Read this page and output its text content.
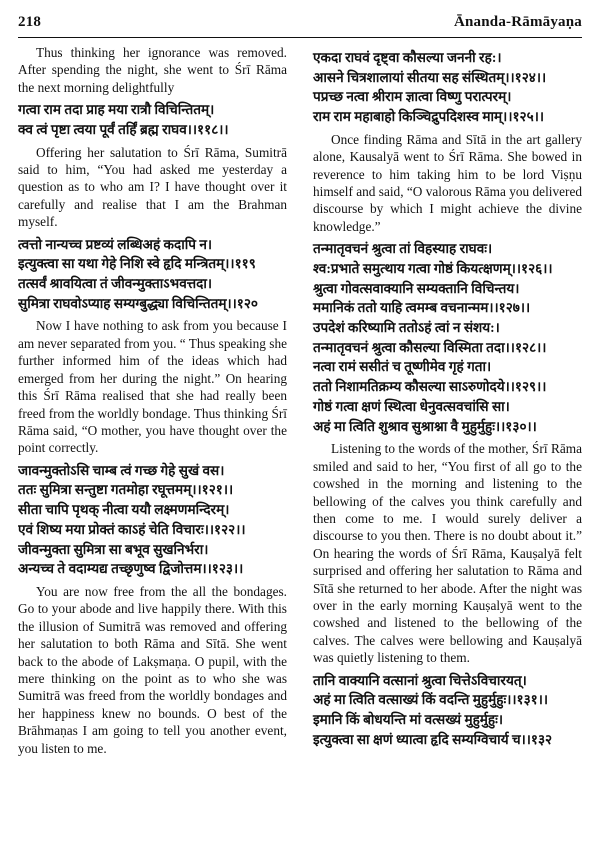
218	Ānanda-Rāmāyaṇa

Thus thinking her ignorance was removed. After spending the night, she went to Śrī Rāma the next morning delightfully

गत्वा राम तदा प्राह मया रात्रौ विचिन्तितम्।
क्व त्वं पृष्टा त्वया पूर्वं तर्हिं ब्रह्म राघव।।११८।।

Offering her salutation to Śrī Rāma, Sumitrā said to him, “You had asked me yesterday a question as to who am I? I have thought over it carefully and realise that I am the Brahman myself.

त्वत्तो नान्यच्च प्रष्टव्यं लब्धिअहं कदापि न।
इत्युक्त्वा सा यथा गेहे निशि स्वे हृदि मन्त्रितम्।।११९
तत्सर्वं श्रावयित्वा तं जीवन्मुक्ताऽभवत्तदा।
सुमित्रा राघवोऽप्याह सम्यग्बुद्ध्या विचिन्तितम्।।१२०

Now I have nothing to ask from you because I am never separated from you. “ Thus speaking she further informed him of the ideas which had emerged from her during the night.” On hearing this Śrī Rāma realised that she had really been freed from the worldly bondage. Thus thinking Śrī Rāma said, “O mother, you have thought over the point correctly.

जावन्मुक्तोऽसि चाम्ब त्वं गच्छ गेहे सुखं वस।
ततः सुमित्रा सन्तुष्टा गतमोहा रघूत्तमम्।।१२१।।
सीता चापि पृथक् नीत्वा ययौ लक्ष्मणमन्दिरम्।
एवं शिष्य मया प्रोक्तं काऽहं चेति विचारः।।१२२।।
जीवन्मुक्ता सुमित्रा सा बभूव सुखनिर्भरा।
अन्यच्च ते वदाम्यद्य तच्छृणुष्व द्विजोत्तम।।१२३।।

You are now free from the all the bondages. Go to your abode and live happily there. With this the illusion of Sumitrā was removed and offering her salutation to both Rāma and Sītā. She went back to the abode of Lakṣmaṇa. O pupil, with the mere thinking on the point as to who she was Sumitrā was freed from the worldly bondages and her happiness knew no bounds. O best of the Brāhmaṇas I am going to tell you another event, you listen to me.

एकदा राघवं दृष्ट्वा कौसल्या जननी रह:।
आसने चित्रशालायां सीतया सह संस्थितम्।।१२४।।
पप्रच्छ नत्वा श्रीराम ज्ञात्वा विष्णु परात्परम्।
राम राम महाबाहो किञ्चिद्रुपदिशस्व माम्।।१२५।।

Once finding Rāma and Sītā in the art gallery alone, Kausalyā went to Śrī Rāma. She bowed in reverence to him taking him to be lord Viṣṇu himself and said, “O valorous Rāma you delivered discourse by which I might achieve the divine knowledge.”

तन्मातृवचनं श्रुत्वा तां विहस्याह राघवः।
श्व:प्रभाते समुत्थाय गत्वा गोष्ठं कियत्क्षणम्।।१२६।।
श्रुत्वा गोवत्सवाक्यानि सम्यक्तानि विचिन्तय।
ममानिकं ततो याहि त्वमम्ब वचनान्मम।।१२७।।
उपदेशं करिष्यामि ततोऽहं त्वां न संशय:।
तन्मातृवचनं श्रुत्वा कौसल्या विस्मिता तदा।।१२८।।
नत्वा रामं ससीतं च तूष्णीमेव गृहं गता।
ततो निशामतिक्रम्य कौसल्या साऽरुणोदये।।१२९।।
गोष्ठं गत्वा क्षणं स्थित्वा धेनुवत्सवचांसि सा।
अहं मा त्विति शुश्राव सुश्राश्ना वै मुहुर्मुहुः।।१३०।।

Listening to the words of the mother, Śrī Rāma smiled and said to her, “You first of all go to the cowshed in the morning and listening to the bellowing of the calves you think carefully and then come to me. I would surely deliver a discourse to you then. There is no doubt about it.” On hearing the words of Śrī Rāma, Kauṣalyā felt surprised and offering her salutation to Rāma and Sītā she returned to her abode. After the night was over in the early morning Kauṣalyā went to the cowshed and listened to the bellowing of the calves. The calves were bellowing and Kauṣalyā was quietly listening to them.

तानि वाक्यानि वत्सानां श्रुत्वा चित्तेऽविचारयत्।
अहं मा त्विति वत्साख्यं किं वदन्ति मुहुर्मुहुः।।१३१।।
इमानि किं बोधयन्ति मां वत्सख्यं मुहुर्मुहुः।
इत्युक्त्वा सा क्षणं ध्यात्वा हृदि सम्यग्विचार्य च।।१३२
